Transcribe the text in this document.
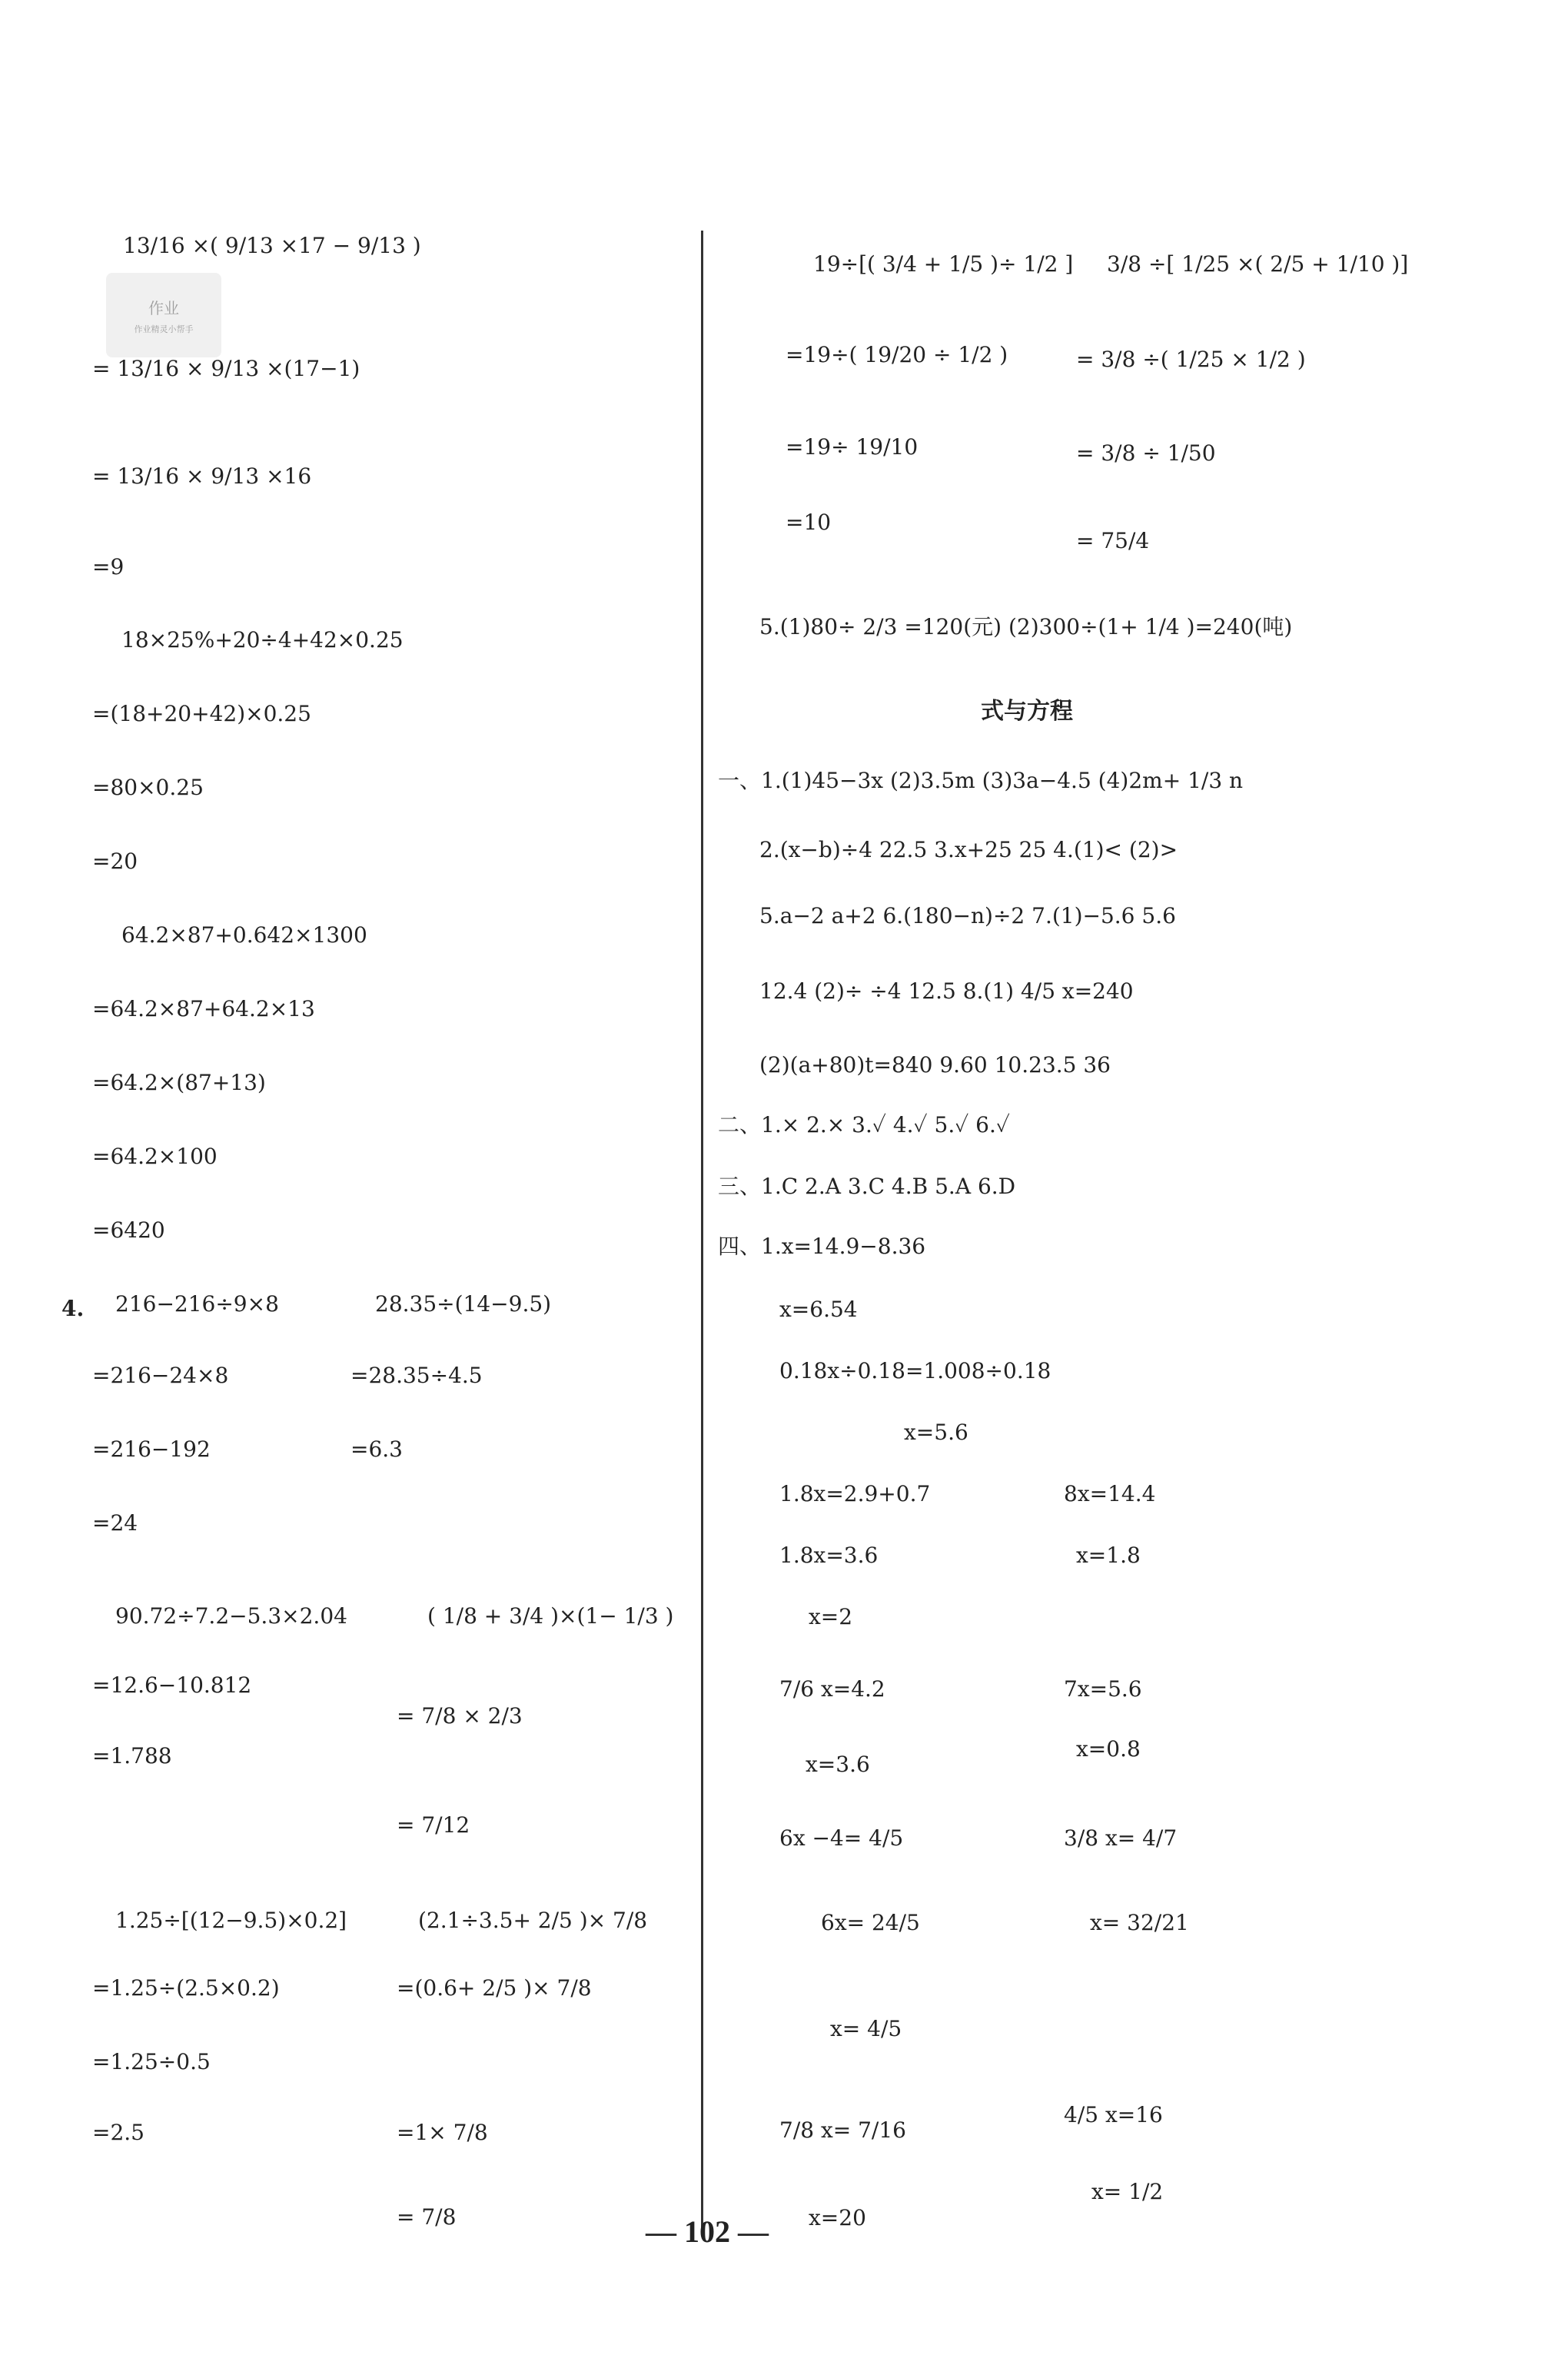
作业
作业精灵小帮手
13/16 ×( 9/13 ×17 − 9/13 )
= 13/16 × 9/13 ×(17−1)
= 13/16 × 9/13 ×16
=9
18×25%+20÷4+42×0.25
=(18+20+42)×0.25
=80×0.25
=20
64.2×87+0.642×1300
=64.2×87+64.2×13
=64.2×(87+13)
=64.2×100
=6420
4. 216−216÷9×8	28.35÷(14−9.5)
=216−24×8	=28.35÷4.5
=216−192	=6.3
=24
90.72÷7.2−5.3×2.04	( 1/8 + 3/4 )×(1− 1/3 )
=12.6−10.812
= 7/8 × 2/3
=1.788
= 7/12
1.25÷[(12−9.5)×0.2]	(2.1÷3.5+ 2/5 )× 7/8
=1.25÷(2.5×0.2)	=(0.6+ 2/5 )× 7/8
=1.25÷0.5
=2.5	=1× 7/8
= 7/8
19÷[( 3/4 + 1/5 )÷ 1/2 ] 3/8 ÷[ 1/25 ×( 2/5 + 1/10 )]
=19÷( 19/20 ÷ 1/2 )	= 3/8 ÷( 1/25 × 1/2 )
=19÷ 19/10	= 3/8 ÷ 1/50
=10
= 75/4
5.(1)80÷ 2/3 =120(元) (2)300÷(1+ 1/4 )=240(吨)
式与方程
一、1.(1)45−3x (2)3.5m (3)3a−4.5 (4)2m+ 1/3 n
2.(x−b)÷4 22.5 3.x+25 25 4.(1)< (2)>
5.a−2 a+2 6.(180−n)÷2 7.(1)−5.6 5.6
12.4 (2)÷ ÷4 12.5 8.(1) 4/5 x=240
(2)(a+80)t=840 9.60 10.23.5 36
二、1.× 2.× 3.✓ 4.✓ 5.✓ 6.✓
三、1.C 2.A 3.C 4.B 5.A 6.D
四、1.x=14.9−8.36
x=6.54
0.18x÷0.18=1.008÷0.18
x=5.6
1.8x=2.9+0.7	8x=14.4
1.8x=3.6	x=1.8
x=2
7/6 x=4.2	7x=5.6
x=3.6
x=0.8
6x −4= 4/5	3/8 x= 4/7
6x= 24/5	x= 32/21
x= 4/5
7/8 x= 7/16
4/5 x=16
x=20
x= 1/2
— 102 —
